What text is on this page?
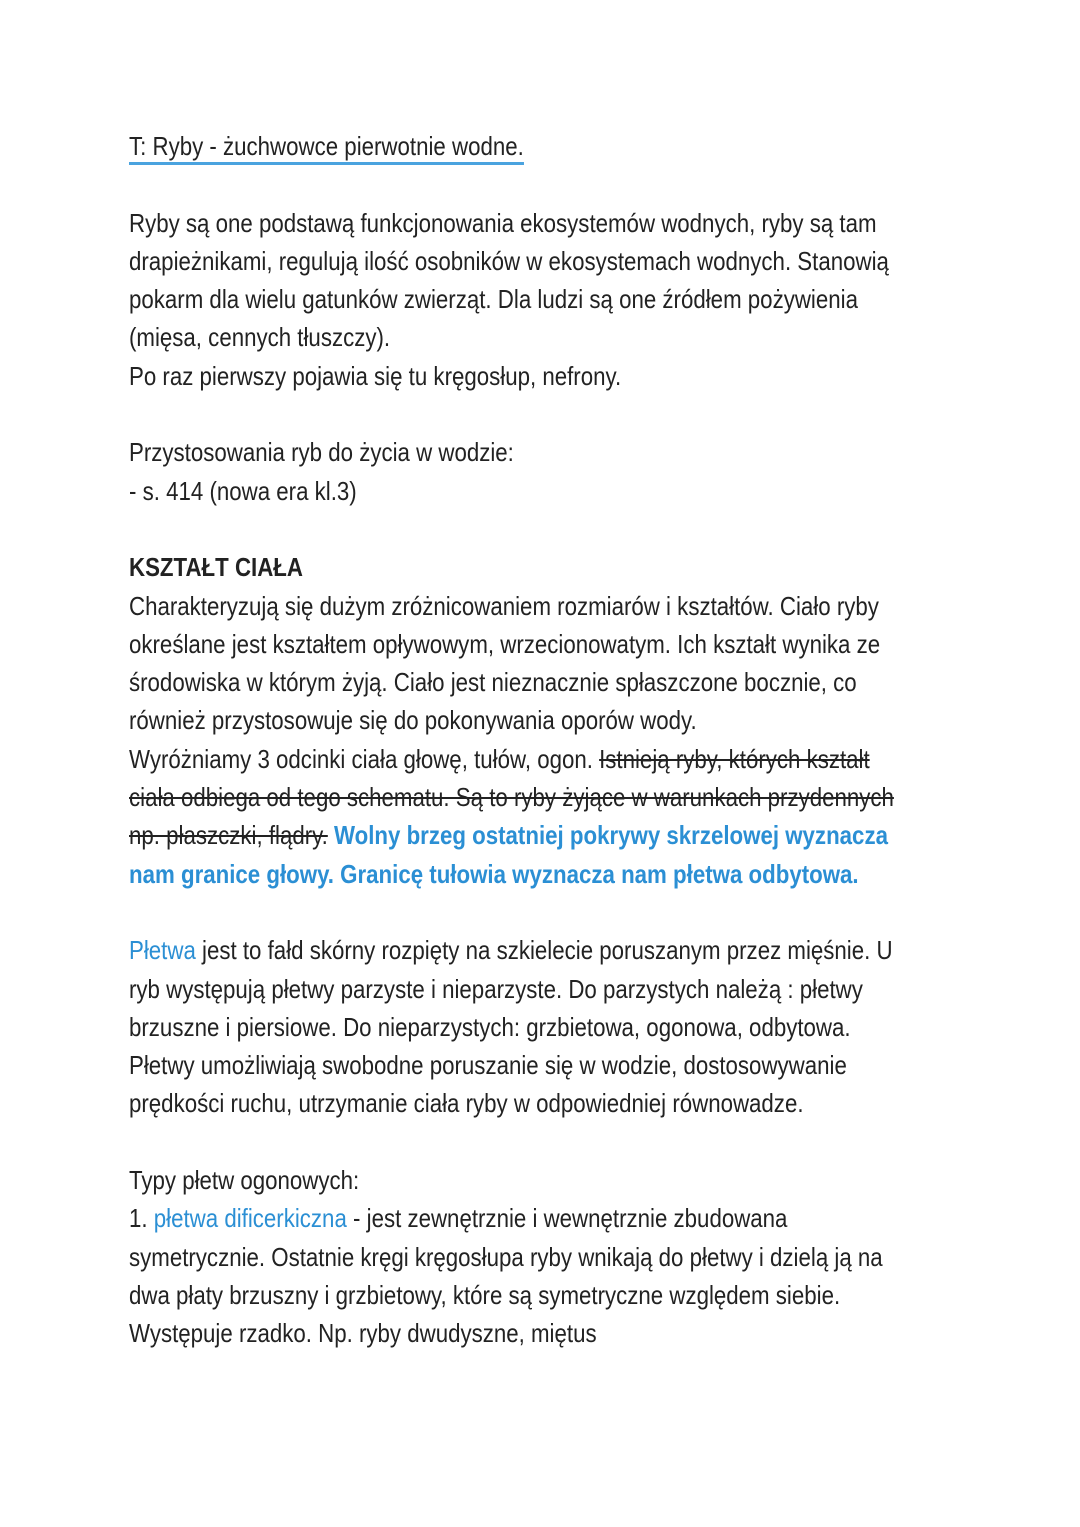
T: Ryby - żuchwowce pierwotnie wodne.
Ryby są one podstawą funkcjonowania ekosystemów wodnych, ryby są tam
drapieżnikami, regulują ilość osobników w ekosystemach wodnych. Stanowią
pokarm dla wielu gatunków zwierząt. Dla ludzi są one źródłem pożywienia
(mięsa, cennych tłuszczy).
Po raz pierwszy pojawia się tu kręgosłup, nefrony.
Przystosowania ryb do życia w wodzie:
- s. 414 (nowa era kl.3)
KSZTAŁT CIAŁA
Charakteryzują się dużym zróżnicowaniem rozmiarów i kształtów. Ciało ryby
określane jest kształtem opływowym, wrzecionowatym. Ich kształt wynika ze
środowiska w którym żyją. Ciało jest nieznacznie spłaszczone bocznie, co
również przystosowuje się do pokonywania oporów wody.
Wyróżniamy 3 odcinki ciała głowę, tułów, ogon. Istnieją ryby, których kształt
ciała odbiega od tego schematu. Są to ryby żyjące w warunkach przydennych
np. płaszczki, flądry. Wolny brzeg ostatniej pokrywy skrzelowej wyznacza
nam granice głowy. Granicę tułowia wyznacza nam płetwa odbytowa.
Płetwa jest to fałd skórny rozpięty na szkielecie poruszanym przez mięśnie. U
ryb występują płetwy parzyste i nieparzyste. Do parzystych należą : płetwy
brzuszne i piersiowe. Do nieparzystych: grzbietowa, ogonowa, odbytowa.
Płetwy umożliwiają swobodne poruszanie się w wodzie, dostosowywanie
prędkości ruchu, utrzymanie ciała ryby w odpowiedniej równowadze.
Typy płetw ogonowych:
1. płetwa dificerkiczna - jest zewnętrznie i wewnętrznie zbudowana
symetrycznie. Ostatnie kręgi kręgosłupa ryby wnikają do płetwy i dzielą ją na
dwa płaty brzuszny i grzbietowy, które są symetryczne względem siebie.
Występuje rzadko. Np. ryby dwudyszne, miętus
